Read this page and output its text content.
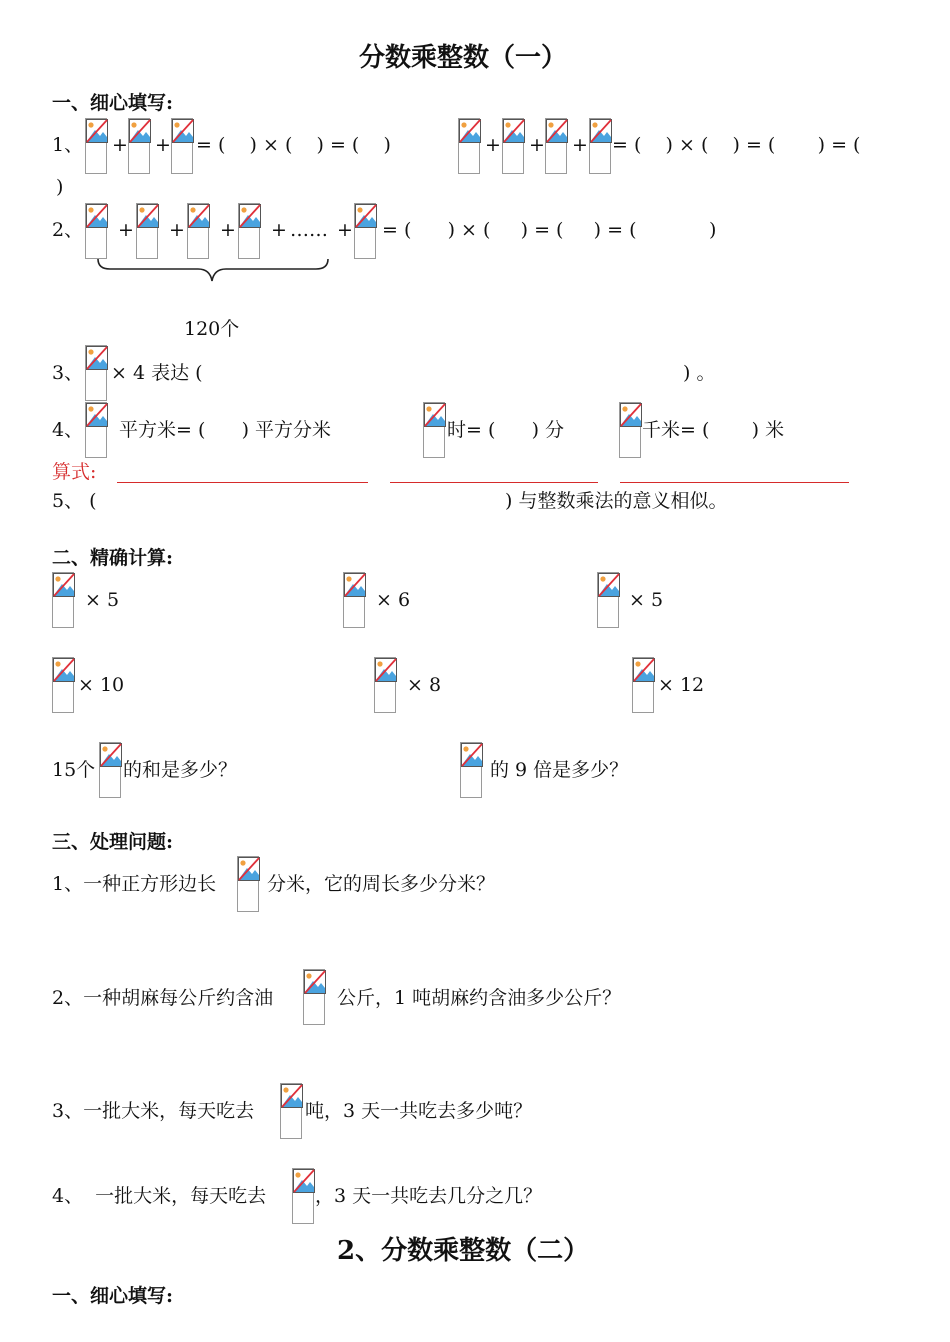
分数乘整数（一）
一、细心填写:
1、 + + = (    ) × (    ) = (    )	+ + + = (    ) × (    ) = (       ) = (
)
2、 + + + + …… + = (      ) × (     ) = (     ) = (            )
120个
3、 × 4 表达 (	) 。
4、 平方米= (      ) 平方分米	时= (      ) 分	千米= (       ) 米
算式:
5、 (	) 与整数乘法的意义相似。
二、精确计算:
× 5	× 6	× 5
× 10	× 8	× 12
15个 的和是多少？	的 9 倍是多少？
三、处理问题:
1、一种正方形边长	分米，它的周长多少分米？
2、一种胡麻每公斤约含油	公斤，1 吨胡麻约含油多少公斤？
3、一批大米，每天吃去	吨，3 天一共吃去多少吨？
4、  一批大米，每天吃去	，3 天一共吃去几分之几？
2、分数乘整数（二）
一、细心填写:
